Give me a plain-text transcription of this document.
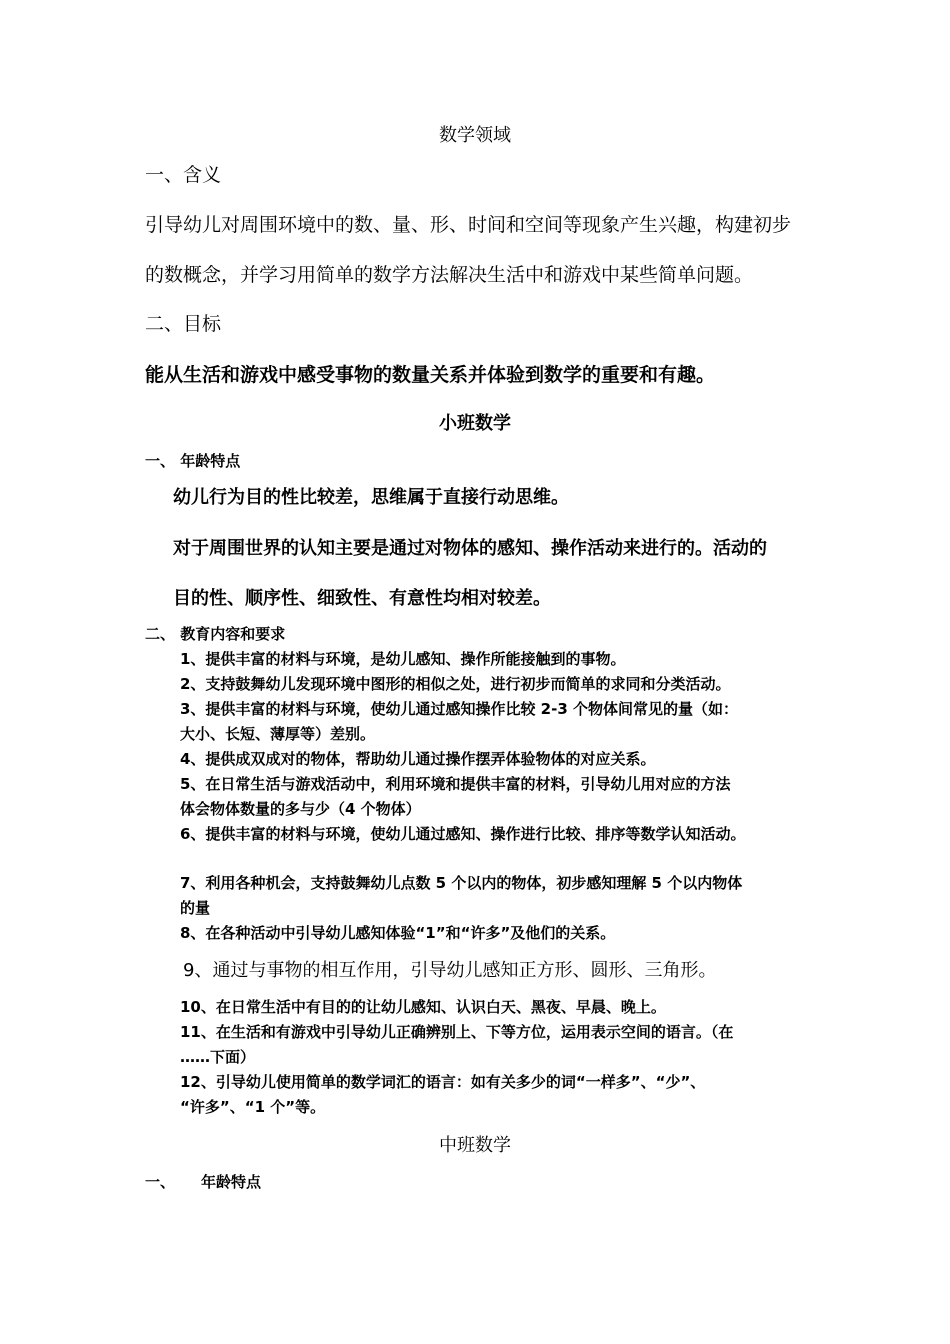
数学领域
一、含义
引导幼儿对周围环境中的数、量、形、时间和空间等现象产生兴趣，构建初步
的数概念，并学习用简单的数学方法解决生活中和游戏中某些简单问题。
二、目标
能从生活和游戏中感受事物的数量关系并体验到数学的重要和有趣。
小班数学
一、 年龄特点
幼儿行为目的性比较差，思维属于直接行动思维。
对于周围世界的认知主要是通过对物体的感知、操作活动来进行的。活动的
目的性、顺序性、细致性、有意性均相对较差。
二、 教育内容和要求
1、提供丰富的材料与环境，是幼儿感知、操作所能接触到的事物。
2、支持鼓舞幼儿发现环境中图形的相似之处，进行初步而简单的求同和分类活动。
3、提供丰富的材料与环境，使幼儿通过感知操作比较 2-3 个物体间常见的量（如：
大小、长短、薄厚等）差别。
4、提供成双成对的物体，帮助幼儿通过操作摆弄体验物体的对应关系。
5、在日常生活与游戏活动中，利用环境和提供丰富的材料，引导幼儿用对应的方法
体会物体数量的多与少（4 个物体）
6、提供丰富的材料与环境，使幼儿通过感知、操作进行比较、排序等数学认知活动。
7、利用各种机会，支持鼓舞幼儿点数 5 个以内的物体，初步感知理解 5 个以内物体
的量
8、在各种活动中引导幼儿感知体验“1”和“许多”及他们的关系。
9、通过与事物的相互作用，引导幼儿感知正方形、圆形、三角形。
10、在日常生活中有目的的让幼儿感知、认识白天、黑夜、早晨、晚上。
11、在生活和有游戏中引导幼儿正确辨别上、下等方位，运用表示空间的语言。（在
……下面）
12、引导幼儿使用简单的数学词汇的语言：如有关多少的词“一样多”、“少”、
“许多”、“1 个”等。
中班数学
一、 年龄特点
